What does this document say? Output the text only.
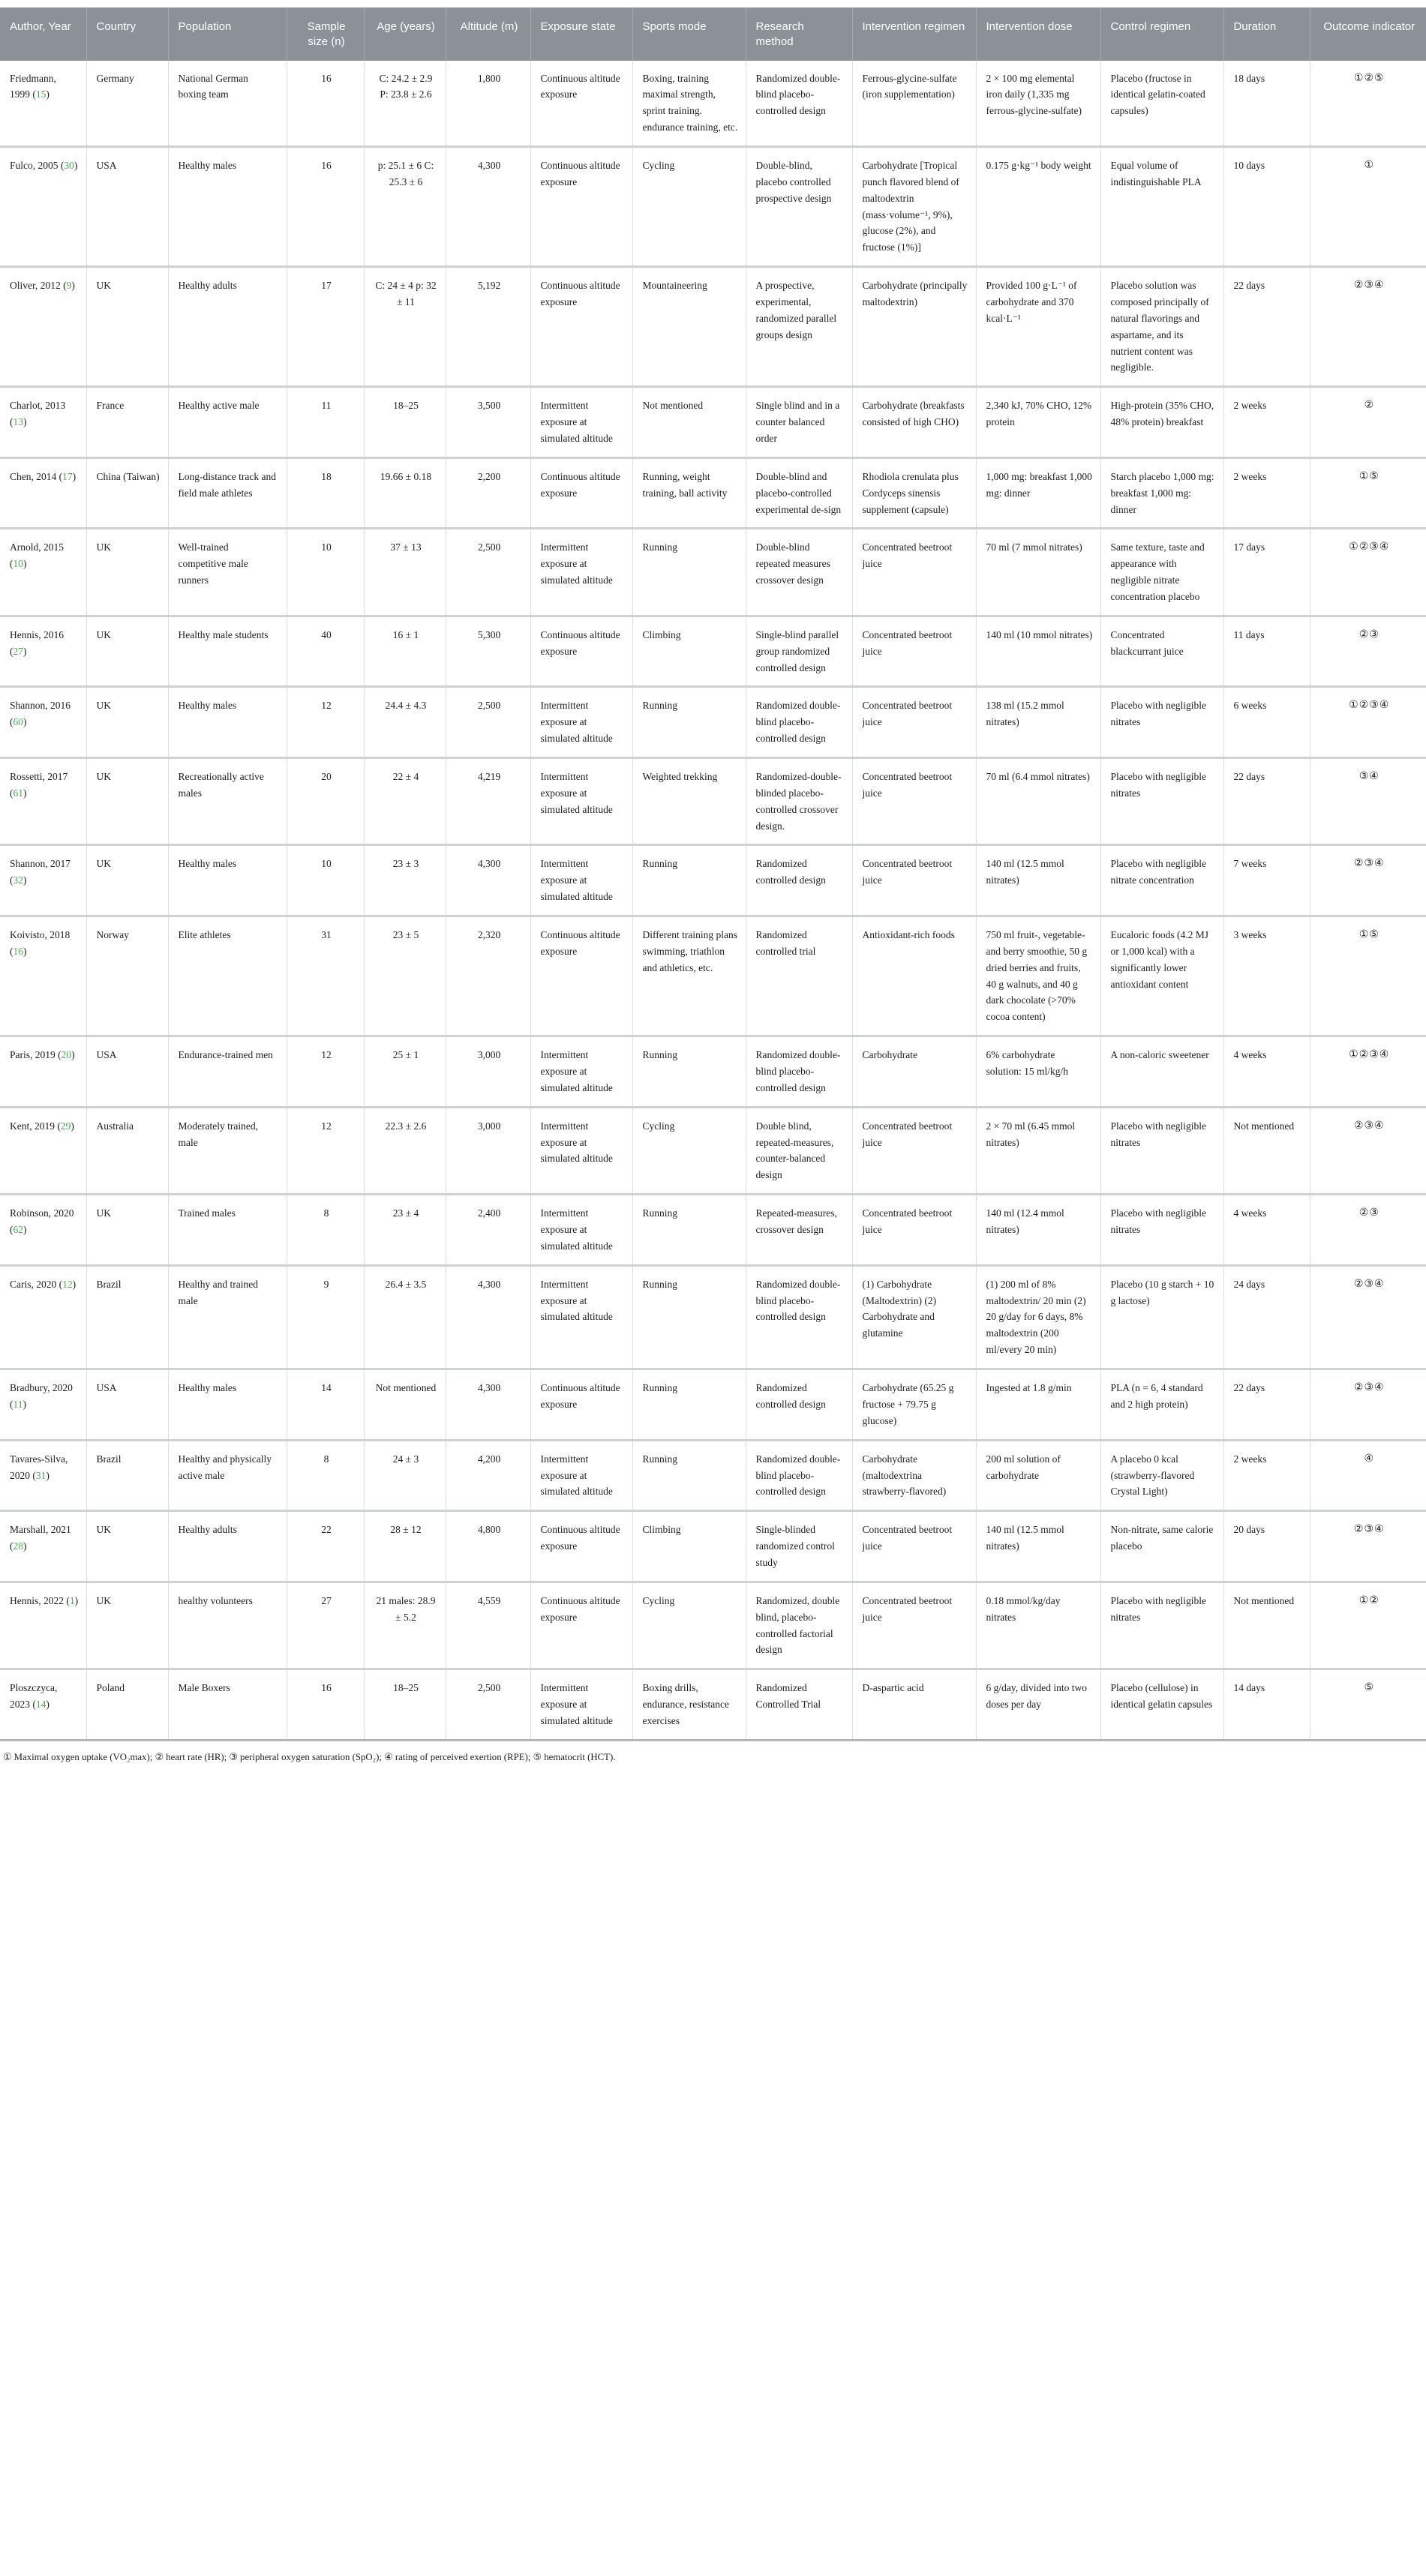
Author, Year	Country	Population	Sample size (n)	Age (years)	Altitude (m)	Exposure state	Sports mode	Research method	Intervention regimen	Intervention dose	Control regimen	Duration	Outcome indicator
Friedmann, 1999 (15)	Germany	National German boxing team	16	C: 24.2 ± 2.9 P: 23.8 ± 2.6	1,800	Continuous altitude exposure	Boxing, training maximal strength, sprint training. endurance training, etc.	Randomized double-blind placebo-controlled design	Ferrous-glycine-sulfate (iron supplementation)	2 × 100 mg elemental iron daily (1,335 mg ferrous-glycine-sulfate)	Placebo (fructose in identical gelatin-coated capsules)	18 days	①②⑤
Fulco, 2005 (30)	USA	Healthy males	16	p: 25.1 ± 6 C: 25.3 ± 6	4,300	Continuous altitude exposure	Cycling	Double-blind, placebo controlled prospective design	Carbohydrate [Tropical punch flavored blend of maltodextrin (mass·volume⁻¹, 9%), glucose (2%), and fructose (1%)]	0.175 g·kg⁻¹ body weight	Equal volume of indistinguishable PLA	10 days	①
Oliver, 2012 (9)	UK	Healthy adults	17	C: 24 ± 4 p: 32 ± 11	5,192	Continuous altitude exposure	Mountaineering	A prospective, experimental, randomized parallel groups design	Carbohydrate (principally maltodextrin)	Provided 100 g·L⁻¹ of carbohydrate and 370 kcal·L⁻¹	Placebo solution was composed principally of natural flavorings and aspartame, and its nutrient content was negligible.	22 days	②③④
Charlot, 2013 (13)	France	Healthy active male	11	18–25	3,500	Intermittent exposure at simulated altitude	Not mentioned	Single blind and in a counter balanced order	Carbohydrate (breakfasts consisted of high CHO)	2,340 kJ, 70% CHO, 12% protein	High-protein (35% CHO, 48% protein) breakfast	2 weeks	②
Chen, 2014 (17)	China (Taiwan)	Long-distance track and field male athletes	18	19.66 ± 0.18	2,200	Continuous altitude exposure	Running, weight training, ball activity	Double-blind and placebo-controlled experimental de-sign	Rhodiola crenulata plus Cordyceps sinensis supplement (capsule)	1,000 mg: breakfast 1,000 mg: dinner	Starch placebo 1,000 mg: breakfast 1,000 mg: dinner	2 weeks	①⑤
Arnold, 2015 (10)	UK	Well-trained competitive male runners	10	37 ± 13	2,500	Intermittent exposure at simulated altitude	Running	Double-blind repeated measures crossover design	Concentrated beetroot juice	70 ml (7 mmol nitrates)	Same texture, taste and appearance with negligible nitrate concentration placebo	17 days	①②③④
Hennis, 2016 (27)	UK	Healthy male students	40	16 ± 1	5,300	Continuous altitude exposure	Climbing	Single-blind parallel group randomized controlled design	Concentrated beetroot juice	140 ml (10 mmol nitrates)	Concentrated blackcurrant juice	11 days	②③
Shannon, 2016 (60)	UK	Healthy males	12	24.4 ± 4.3	2,500	Intermittent exposure at simulated altitude	Running	Randomized double-blind placebo-controlled design	Concentrated beetroot juice	138 ml (15.2 mmol nitrates)	Placebo with negligible nitrates	6 weeks	①②③④
Rossetti, 2017 (61)	UK	Recreationally active males	20	22 ± 4	4,219	Intermittent exposure at simulated altitude	Weighted trekking	Randomized-double-blinded placebo-controlled crossover design.	Concentrated beetroot juice	70 ml (6.4 mmol nitrates)	Placebo with negligible nitrates	22 days	③④
Shannon, 2017 (32)	UK	Healthy males	10	23 ± 3	4,300	Intermittent exposure at simulated altitude	Running	Randomized controlled design	Concentrated beetroot juice	140 ml (12.5 mmol nitrates)	Placebo with negligible nitrate concentration	7 weeks	②③④
Koivisto, 2018 (16)	Norway	Elite athletes	31	23 ± 5	2,320	Continuous altitude exposure	Different training plans swimming, triathlon and athletics, etc.	Randomized controlled trial	Antioxidant-rich foods	750 ml fruit-, vegetable- and berry smoothie, 50 g dried berries and fruits, 40 g walnuts, and 40 g dark chocolate (>70% cocoa content)	Eucaloric foods (4.2 MJ or 1,000 kcal) with a significantly lower antioxidant content	3 weeks	①⑤
Paris, 2019 (20)	USA	Endurance-trained men	12	25 ± 1	3,000	Intermittent exposure at simulated altitude	Running	Randomized double-blind placebo-controlled design	Carbohydrate	6% carbohydrate solution: 15 ml/kg/h	A non-caloric sweetener	4 weeks	①②③④
Kent, 2019 (29)	Australia	Moderately trained, male	12	22.3 ± 2.6	3,000	Intermittent exposure at simulated altitude	Cycling	Double blind, repeated-measures, counter-balanced design	Concentrated beetroot juice	2 × 70 ml (6.45 mmol nitrates)	Placebo with negligible nitrates	Not mentioned	②③④
Robinson, 2020 (62)	UK	Trained males	8	23 ± 4	2,400	Intermittent exposure at simulated altitude	Running	Repeated-measures, crossover design	Concentrated beetroot juice	140 ml (12.4 mmol nitrates)	Placebo with negligible nitrates	4 weeks	②③
Caris, 2020 (12)	Brazil	Healthy and trained male	9	26.4 ± 3.5	4,300	Intermittent exposure at simulated altitude	Running	Randomized double-blind placebo-controlled design	(1) Carbohydrate (Maltodextrin) (2) Carbohydrate and glutamine	(1) 200 ml of 8% maltodextrin/ 20 min (2) 20 g/day for 6 days, 8% maltodextrin (200 ml/every 20 min)	Placebo (10 g starch + 10 g lactose)	24 days	②③④
Bradbury, 2020 (11)	USA	Healthy males	14	Not mentioned	4,300	Continuous altitude exposure	Running	Randomized controlled design	Carbohydrate (65.25 g fructose + 79.75 g glucose)	Ingested at 1.8 g/min	PLA (n = 6, 4 standard and 2 high protein)	22 days	②③④
Tavares-Silva, 2020 (31)	Brazil	Healthy and physically active male	8	24 ± 3	4,200	Intermittent exposure at simulated altitude	Running	Randomized double-blind placebo-controlled design	Carbohydrate (maltodextrina strawberry-flavored)	200 ml solution of carbohydrate	A placebo 0 kcal (strawberry-flavored Crystal Light)	2 weeks	④
Marshall, 2021 (28)	UK	Healthy adults	22	28 ± 12	4,800	Continuous altitude exposure	Climbing	Single-blinded randomized control study	Concentrated beetroot juice	140 ml (12.5 mmol nitrates)	Non-nitrate, same calorie placebo	20 days	②③④
Hennis, 2022 (1)	UK	healthy volunteers	27	21 males: 28.9 ± 5.2	4,559	Continuous altitude exposure	Cycling	Randomized, double blind, placebo-controlled factorial design	Concentrated beetroot juice	0.18 mmol/kg/day nitrates	Placebo with negligible nitrates	Not mentioned	①②
Ploszczyca, 2023 (14)	Poland	Male Boxers	16	18–25	2,500	Intermittent exposure at simulated altitude	Boxing drills, endurance, resistance exercises	Randomized Controlled Trial	D-aspartic acid	6 g/day, divided into two doses per day	Placebo (cellulose) in identical gelatin capsules	14 days	⑤
① Maximal oxygen uptake (VO₂max); ② heart rate (HR); ③ peripheral oxygen saturation (SpO₂); ④ rating of perceived exertion (RPE); ⑤ hematocrit (HCT).
